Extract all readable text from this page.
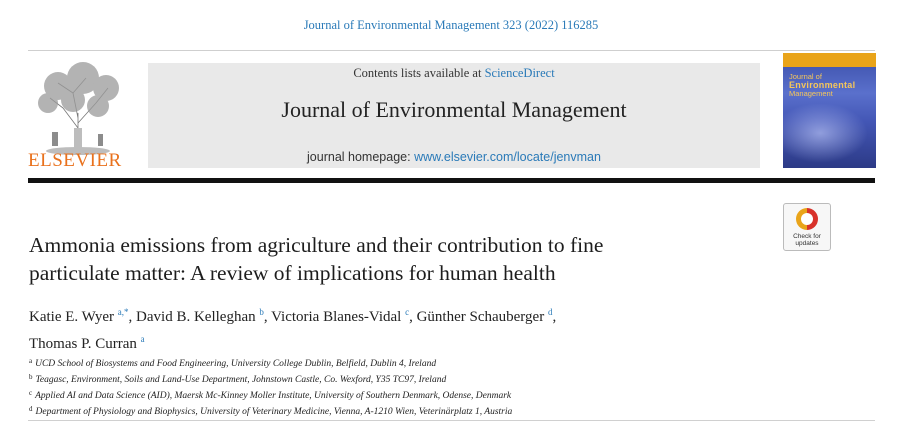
Journal of Environmental Management 323 (2022) 116285
ELSEVIER
Contents lists available at ScienceDirect
Journal of Environmental Management
journal homepage: www.elsevier.com/locate/jenvman
Journal of
Environmental
Management
Check for
updates
Ammonia emissions from agriculture and their contribution to fine
particulate matter: A review of implications for human health
Katie E. Wyer $^{a,*}$, David B. Kelleghan $^b$, Victoria Blanes-Vidal $^c$, Günther Schauberger $^d$,
Thomas P. Curran $^a$
$^a$ UCD School of Biosystems and Food Engineering, University College Dublin, Belfield, Dublin 4, Ireland
$^b$ Teagasc, Environment, Soils and Land-Use Department, Johnstown Castle, Co. Wexford, Y35 TC97, Ireland
$^c$ Applied AI and Data Science (AID), Maersk Mc-Kinney Moller Institute, University of Southern Denmark, Odense, Denmark
$^d$ Department of Physiology and Biophysics, University of Veterinary Medicine, Vienna, A-1210 Wien, Veterinärplatz 1, Austria
